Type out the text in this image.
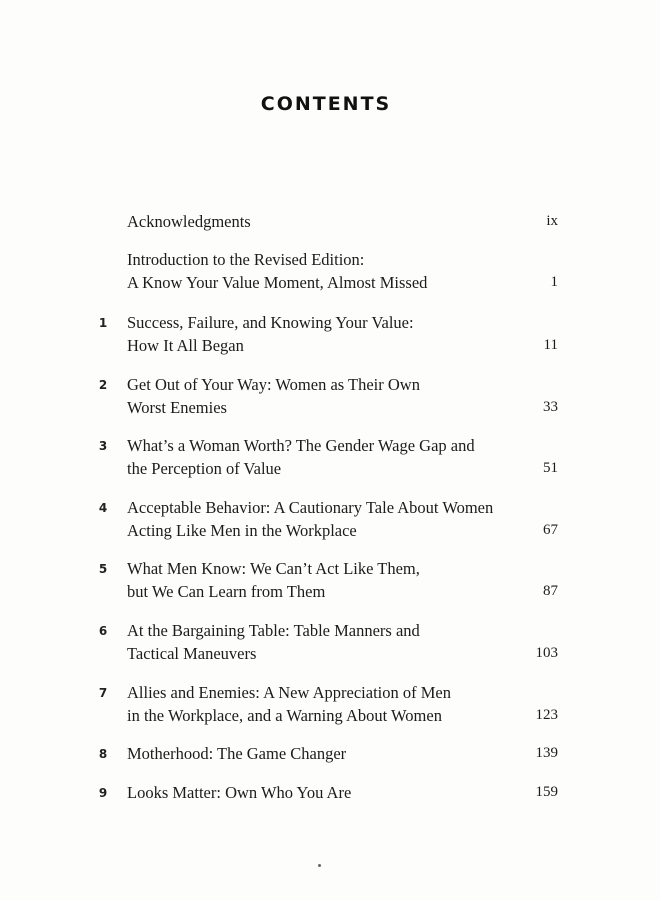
CONTENTS
Acknowledgments	ix
Introduction to the Revised Edition:
A Know Your Value Moment, Almost Missed	1
1 Success, Failure, and Knowing Your Value:
How It All Began	11
2 Get Out of Your Way: Women as Their Own
Worst Enemies	33
3 What’s a Woman Worth? The Gender Wage Gap and
the Perception of Value	51
4 Acceptable Behavior: A Cautionary Tale About Women
Acting Like Men in the Workplace	67
5 What Men Know: We Can’t Act Like Them,
but We Can Learn from Them	87
6 At the Bargaining Table: Table Manners and
Tactical Maneuvers	103
7 Allies and Enemies: A New Appreciation of Men
in the Workplace, and a Warning About Women	123
8 Motherhood: The Game Changer	139
9 Looks Matter: Own Who You Are	159
